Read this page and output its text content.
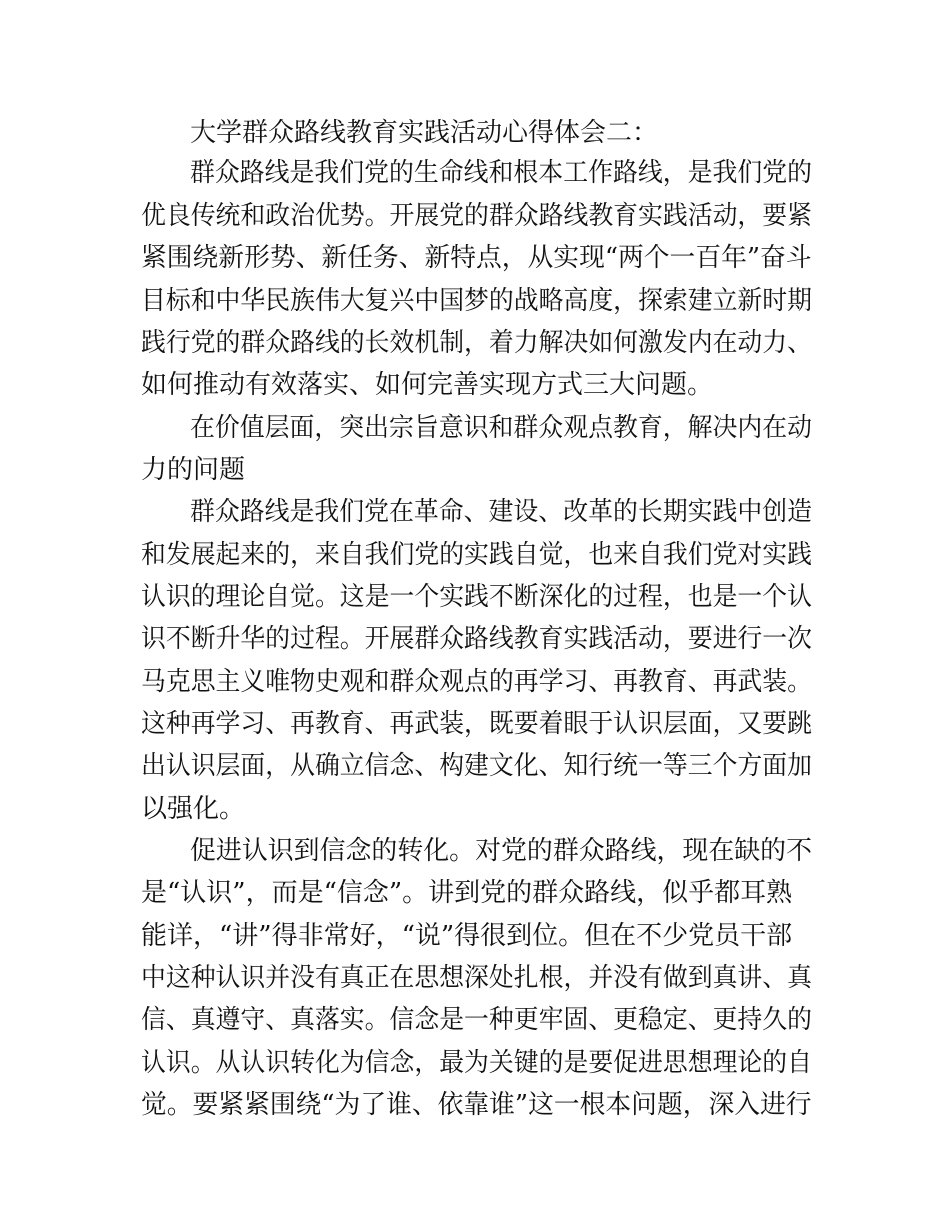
大学群众路线教育实践活动心得体会二：

群众路线是我们党的生命线和根本工作路线，是我们党的

优良传统和政治优势。开展党的群众路线教育实践活动，要紧

紧围绕新形势、新任务、新特点，从实现“两个一百年”奋斗

目标和中华民族伟大复兴中国梦的战略高度，探索建立新时期

践行党的群众路线的长效机制，着力解决如何激发内在动力、

如何推动有效落实、如何完善实现方式三大问题。

在价值层面，突出宗旨意识和群众观点教育，解决内在动

力的问题

群众路线是我们党在革命、建设、改革的长期实践中创造

和发展起来的，来自我们党的实践自觉，也来自我们党对实践

认识的理论自觉。这是一个实践不断深化的过程，也是一个认

识不断升华的过程。开展群众路线教育实践活动，要进行一次

马克思主义唯物史观和群众观点的再学习、再教育、再武装。

这种再学习、再教育、再武装，既要着眼于认识层面，又要跳

出认识层面，从确立信念、构建文化、知行统一等三个方面加

以强化。

促进认识到信念的转化。对党的群众路线，现在缺的不

是“认识”，而是“信念”。讲到党的群众路线，似乎都耳熟

能详，“讲”得非常好，“说”得很到位。但在不少党员干部

中这种认识并没有真正在思想深处扎根，并没有做到真讲、真

信、真遵守、真落实。信念是一种更牢固、更稳定、更持久的

认识。从认识转化为信念，最为关键的是要促进思想理论的自

觉。要紧紧围绕“为了谁、依靠谁”这一根本问题，深入进行
